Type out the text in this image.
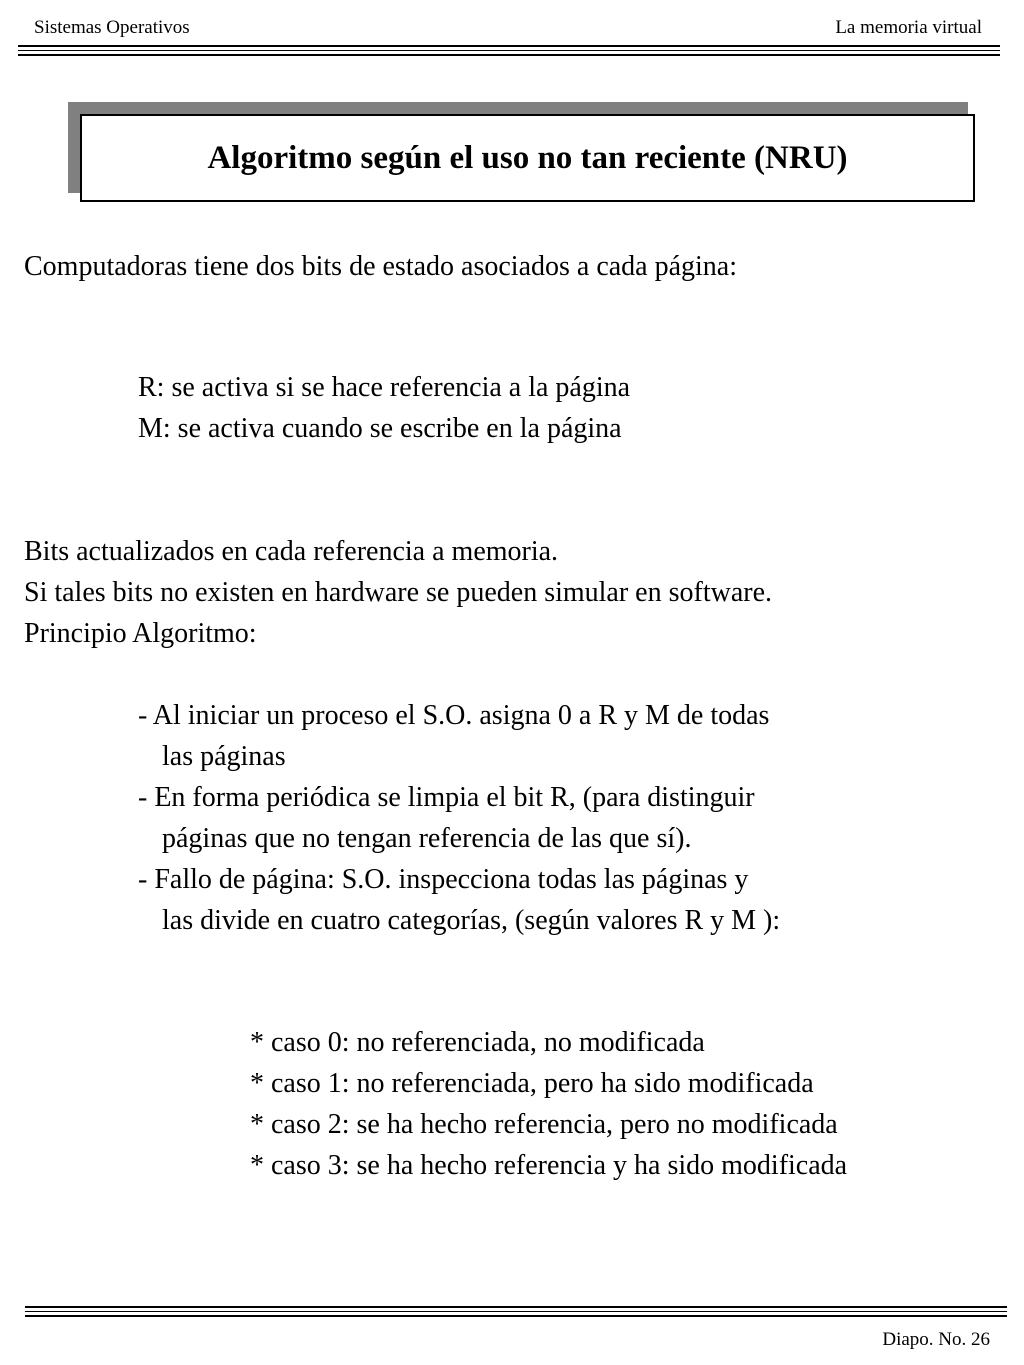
Sistemas Operativos	La memoria virtual
Algoritmo según el uso no tan reciente (NRU)
Computadoras tiene dos bits de estado asociados a cada página:
R: se activa si se hace referencia a la página
M: se activa cuando se escribe en la página
Bits actualizados en cada referencia a memoria.
Si tales bits no existen en hardware se pueden simular en software.
Principio Algoritmo:
- Al iniciar un proceso el S.O. asigna 0 a R y M de todas
las páginas
- En forma periódica se limpia el bit R, (para distinguir
páginas que no tengan referencia de las que sí).
- Fallo de página: S.O. inspecciona todas las páginas y
las divide en cuatro categorías, (según valores R y M ):
* caso 0: no referenciada, no modificada
* caso 1: no referenciada, pero ha sido modificada
* caso 2: se ha hecho referencia, pero no modificada
* caso 3: se ha hecho referencia y ha sido modificada
Diapo. No. 26
